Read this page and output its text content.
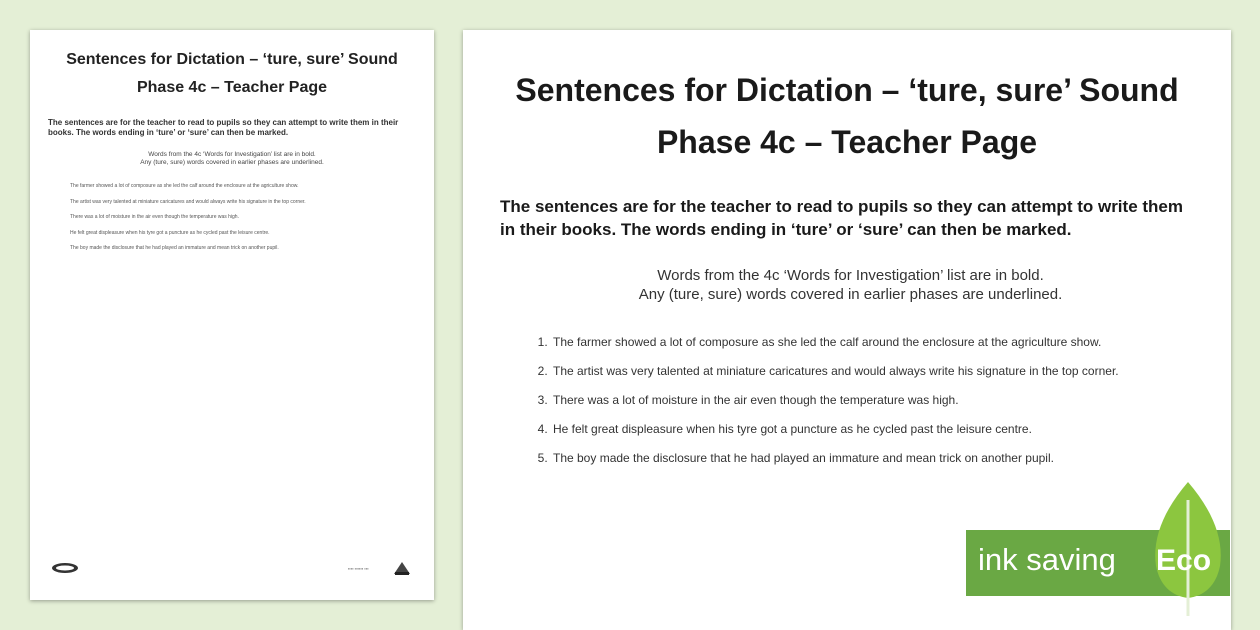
Sentences for Dictation – ‘ture, sure’ Sound
Phase 4c – Teacher Page
The sentences are for the teacher to read to pupils so they can attempt to write them in their books. The words ending in ‘ture’ or ‘sure’ can then be marked.
Words from the 4c ‘Words for Investigation’ list are in bold.
Any (ture, sure) words covered in earlier phases are underlined.
1. The farmer showed a lot of composure as she led the calf around the enclosure at the agriculture show.
2. The artist was very talented at miniature caricatures and would always write his signature in the top corner.
3. There was a lot of moisture in the air even though the temperature was high.
4. He felt great displeasure when his tyre got a puncture as he cycled past the leisure centre.
5. The boy made the disclosure that he had played an immature and mean trick on another pupil.
▪▪▪▪ ▪▪▪▪▪▪ ▪▪▪
Sentences for Dictation – ‘ture, sure’ Sound
Phase 4c – Teacher Page
The sentences are for the teacher to read to pupils so they can attempt to write them in their books. The words ending in ‘ture’ or ‘sure’ can then be marked.
Words from the 4c ‘Words for Investigation’ list are in bold.
Any (ture, sure) words covered in earlier phases are underlined.
1. The farmer showed a lot of composure as she led the calf around the enclosure at the agriculture show.
2. The artist was very talented at miniature caricatures and would always write his signature in the top corner.
3. There was a lot of moisture in the air even though the temperature was high.
4. He felt great displeasure when his tyre got a puncture as he cycled past the leisure centre.
5. The boy made the disclosure that he had played an immature and mean trick on another pupil.
ink saving Eco
